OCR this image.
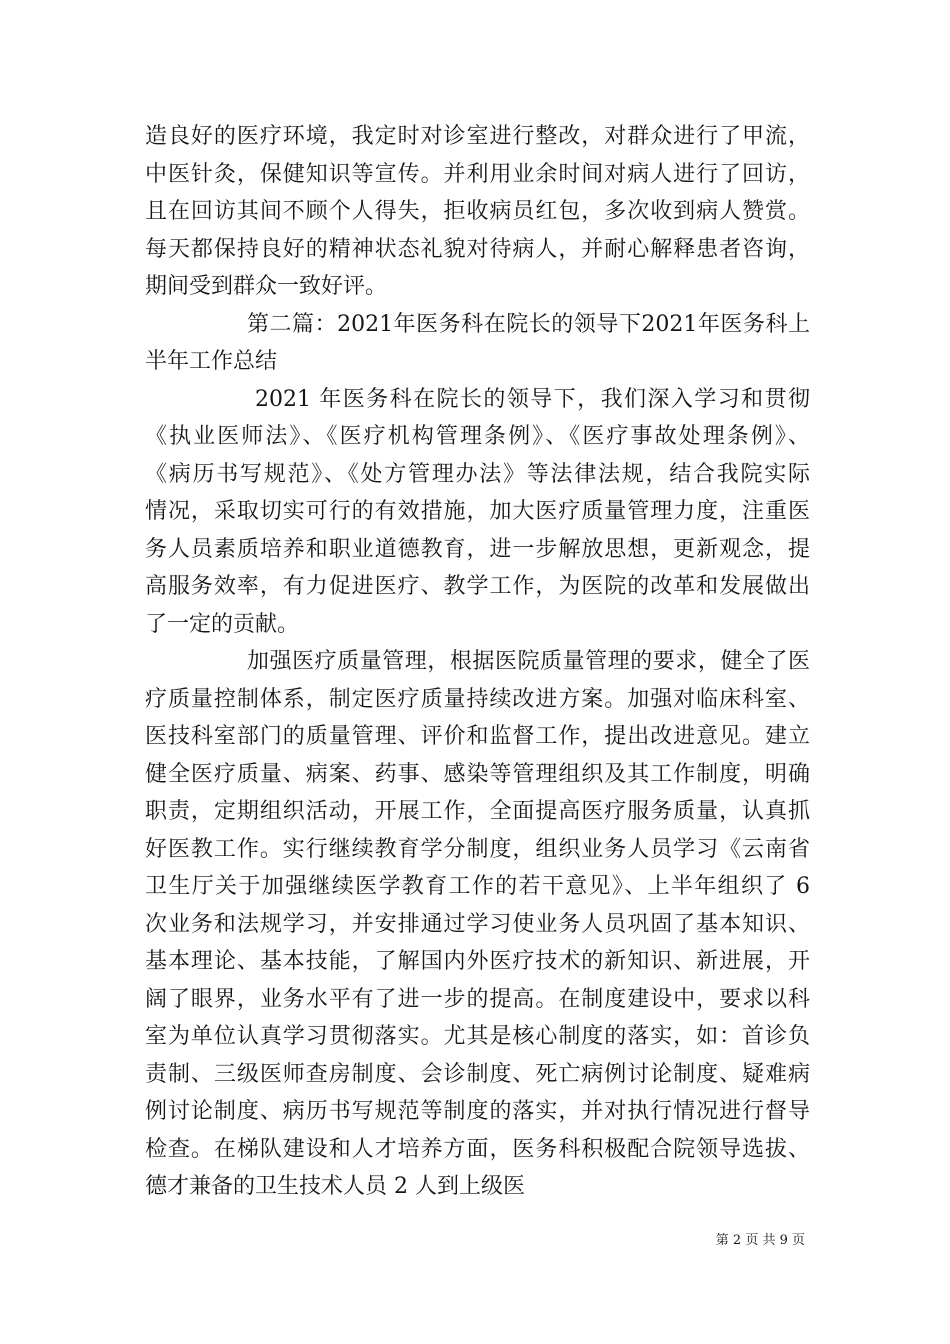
造良好的医疗环境，我定时对诊室进行整改，对群众进行了甲流，
中医针灸，保健知识等宣传。并利用业余时间对病人进行了回访，
且在回访其间不顾个人得失，拒收病员红包，多次收到病人赞赏。
每天都保持良好的精神状态礼貌对待病人，并耐心解释患者咨询，
期间受到群众一致好评。
第二篇：2021年医务科在院长的领导下2021年医务科上
半年工作总结
2021 年医务科在院长的领导下，我们深入学习和贯彻
《执业医师法》、《医疗机构管理条例》、《医疗事故处理条例》、
《病历书写规范》、《处方管理办法》等法律法规，结合我院实际
情况，采取切实可行的有效措施，加大医疗质量管理力度，注重医
务人员素质培养和职业道德教育，进一步解放思想，更新观念，提
高服务效率，有力促进医疗、教学工作，为医院的改革和发展做出
了一定的贡献。
加强医疗质量管理，根据医院质量管理的要求，健全了医
疗质量控制体系，制定医疗质量持续改进方案。加强对临床科室、
医技科室部门的质量管理、评价和监督工作，提出改进意见。建立
健全医疗质量、病案、药事、感染等管理组织及其工作制度，明确
职责，定期组织活动，开展工作，全面提高医疗服务质量，认真抓
好医教工作。实行继续教育学分制度，组织业务人员学习《云南省
卫生厅关于加强继续医学教育工作的若干意见》、上半年组织了 6
次业务和法规学习，并安排通过学习使业务人员巩固了基本知识、
基本理论、基本技能，了解国内外医疗技术的新知识、新进展，开
阔了眼界，业务水平有了进一步的提高。在制度建设中，要求以科
室为单位认真学习贯彻落实。尤其是核心制度的落实，如：首诊负
责制、三级医师查房制度、会诊制度、死亡病例讨论制度、疑难病
例讨论制度、病历书写规范等制度的落实，并对执行情况进行督导
检查。在梯队建设和人才培养方面，医务科积极配合院领导选拔、
德才兼备的卫生技术人员 2 人到上级医
第 2 页 共 9 页
